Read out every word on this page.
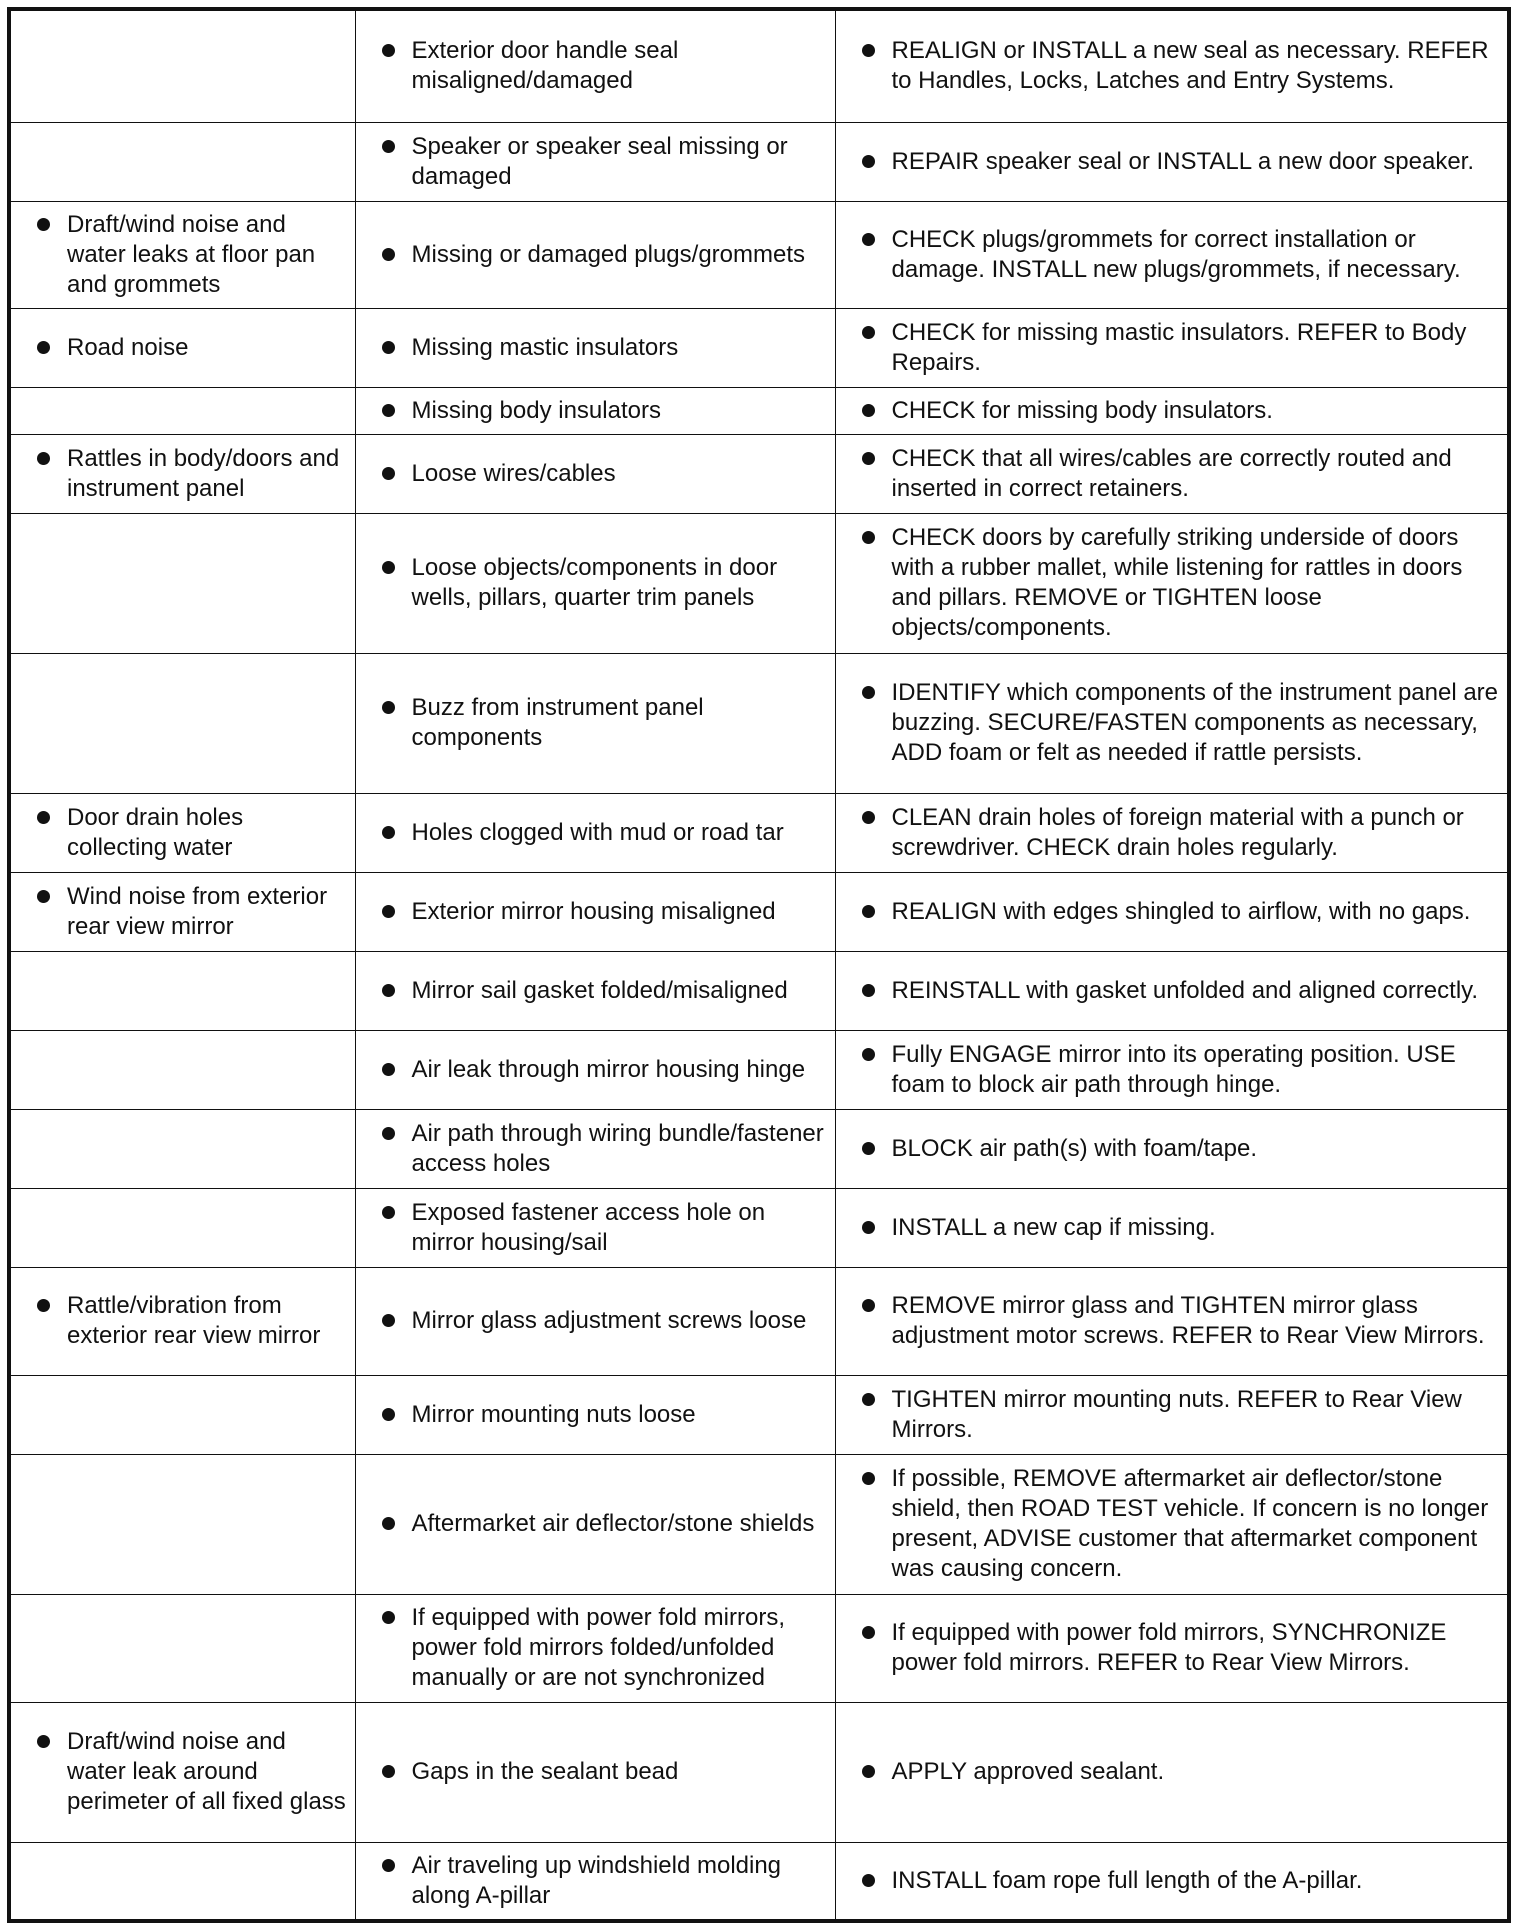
	Exterior door handle seal misaligned/damaged	REALIGN or INSTALL a new seal as necessary. REFER to Handles, Locks, Latches and Entry Systems.

	Speaker or speaker seal missing or damaged	REPAIR speaker seal or INSTALL a new door speaker.

Draft/wind noise and water leaks at floor pan and grommets	Missing or damaged plugs/grommets	CHECK plugs/grommets for correct installation or damage. INSTALL new plugs/grommets, if necessary.

Road noise	Missing mastic insulators	CHECK for missing mastic insulators. REFER to Body Repairs.

	Missing body insulators	CHECK for missing body insulators.

Rattles in body/doors and instrument panel	Loose wires/cables	CHECK that all wires/cables are correctly routed and inserted in correct retainers.

	Loose objects/components in door wells, pillars, quarter trim panels	CHECK doors by carefully striking underside of doors with a rubber mallet, while listening for rattles in doors and pillars. REMOVE or TIGHTEN loose objects/components.

	Buzz from instrument panel components	IDENTIFY which components of the instrument panel are buzzing. SECURE/FASTEN components as necessary, ADD foam or felt as needed if rattle persists.

Door drain holes collecting water	Holes clogged with mud or road tar	CLEAN drain holes of foreign material with a punch or screwdriver. CHECK drain holes regularly.

Wind noise from exterior rear view mirror	Exterior mirror housing misaligned	REALIGN with edges shingled to airflow, with no gaps.

	Mirror sail gasket folded/misaligned	REINSTALL with gasket unfolded and aligned correctly.

	Air leak through mirror housing hinge	Fully ENGAGE mirror into its operating position. USE foam to block air path through hinge.

	Air path through wiring bundle/fastener access holes	BLOCK air path(s) with foam/tape.

	Exposed fastener access hole on mirror housing/sail	INSTALL a new cap if missing.

Rattle/vibration from exterior rear view mirror	Mirror glass adjustment screws loose	REMOVE mirror glass and TIGHTEN mirror glass adjustment motor screws. REFER to Rear View Mirrors.

	Mirror mounting nuts loose	TIGHTEN mirror mounting nuts. REFER to Rear View Mirrors.

	Aftermarket air deflector/stone shields	If possible, REMOVE aftermarket air deflector/stone shield, then ROAD TEST vehicle. If concern is no longer present, ADVISE customer that aftermarket component was causing concern.

	If equipped with power fold mirrors, power fold mirrors folded/unfolded manually or are not synchronized	If equipped with power fold mirrors, SYNCHRONIZE power fold mirrors. REFER to Rear View Mirrors.

Draft/wind noise and water leak around perimeter of all fixed glass	Gaps in the sealant bead	APPLY approved sealant.

	Air traveling up windshield molding along A-pillar	INSTALL foam rope full length of the A-pillar.
